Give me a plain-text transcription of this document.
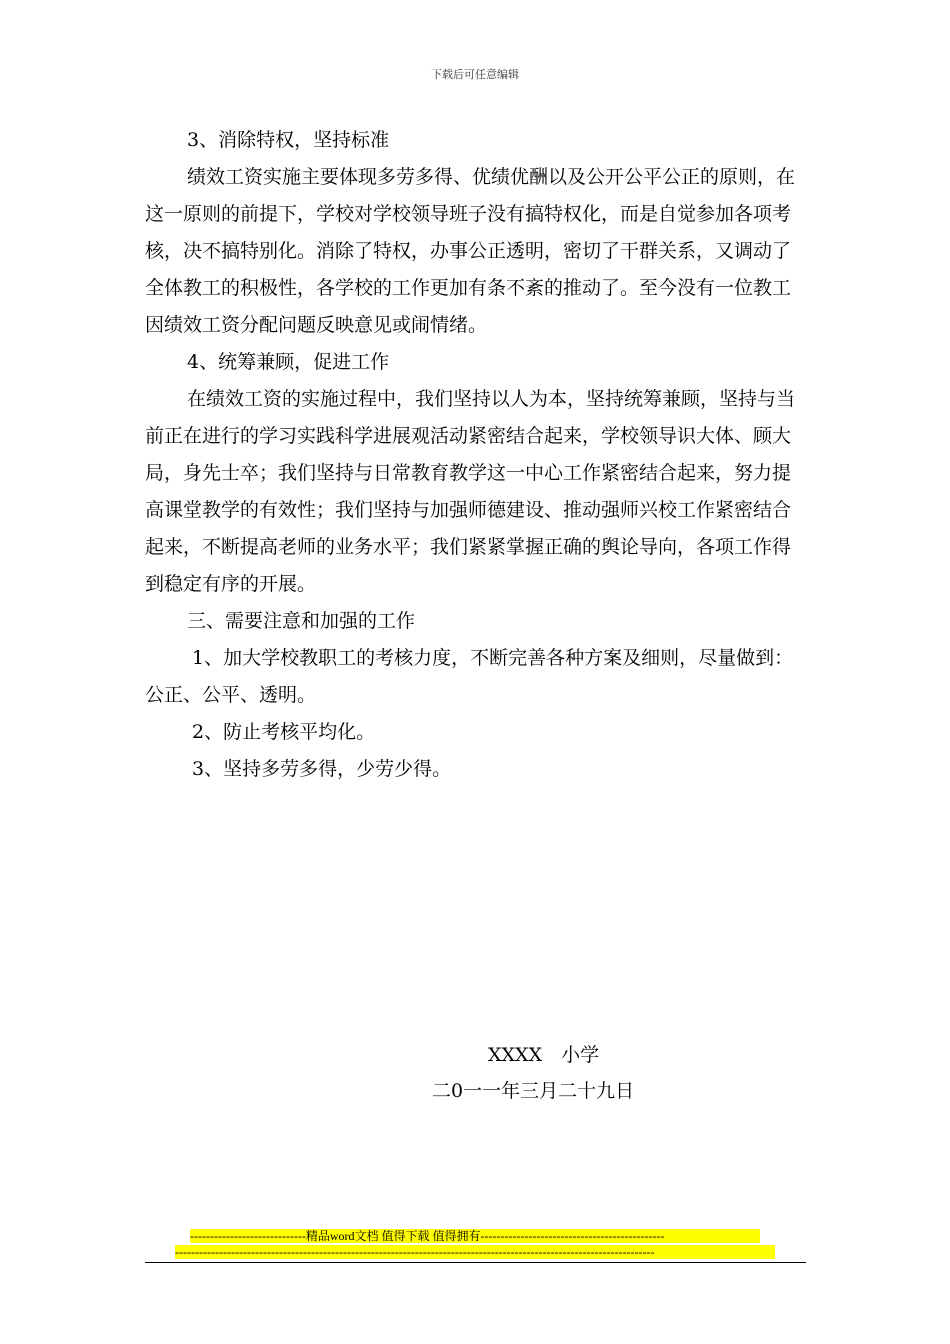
下载后可任意编辑

3、消除特权，坚持标准

绩效工资实施主要体现多劳多得、优绩优酬以及公开公平公正的原则，在这一原则的前提下，学校对学校领导班子没有搞特权化，而是自觉参加各项考核，决不搞特别化。消除了特权，办事公正透明，密切了干群关系，又调动了全体教工的积极性，各学校的工作更加有条不紊的推动了。至今没有一位教工因绩效工资分配问题反映意见或闹情绪。

4、统筹兼顾，促进工作

在绩效工资的实施过程中，我们坚持以人为本，坚持统筹兼顾，坚持与当前正在进行的学习实践科学进展观活动紧密结合起来，学校领导识大体、顾大局，身先士卒；我们坚持与日常教育教学这一中心工作紧密结合起来，努力提高课堂教学的有效性；我们坚持与加强师德建设、推动强师兴校工作紧密结合起来，不断提高老师的业务水平；我们紧紧掌握正确的舆论导向，各项工作得到稳定有序的开展。

三、需要注意和加强的工作

1、加大学校教职工的考核力度，不断完善各种方案及细则，尽量做到：公正、公平、透明。

2、防止考核平均化。

3、坚持多劳多得，少劳少得。

XXXX　小学
二0一一年三月二十九日
-----------------------------精品word文档 值得下载 值得拥有----------------------------------------------
------------------------------------------------------------------------------------------------------------------------
